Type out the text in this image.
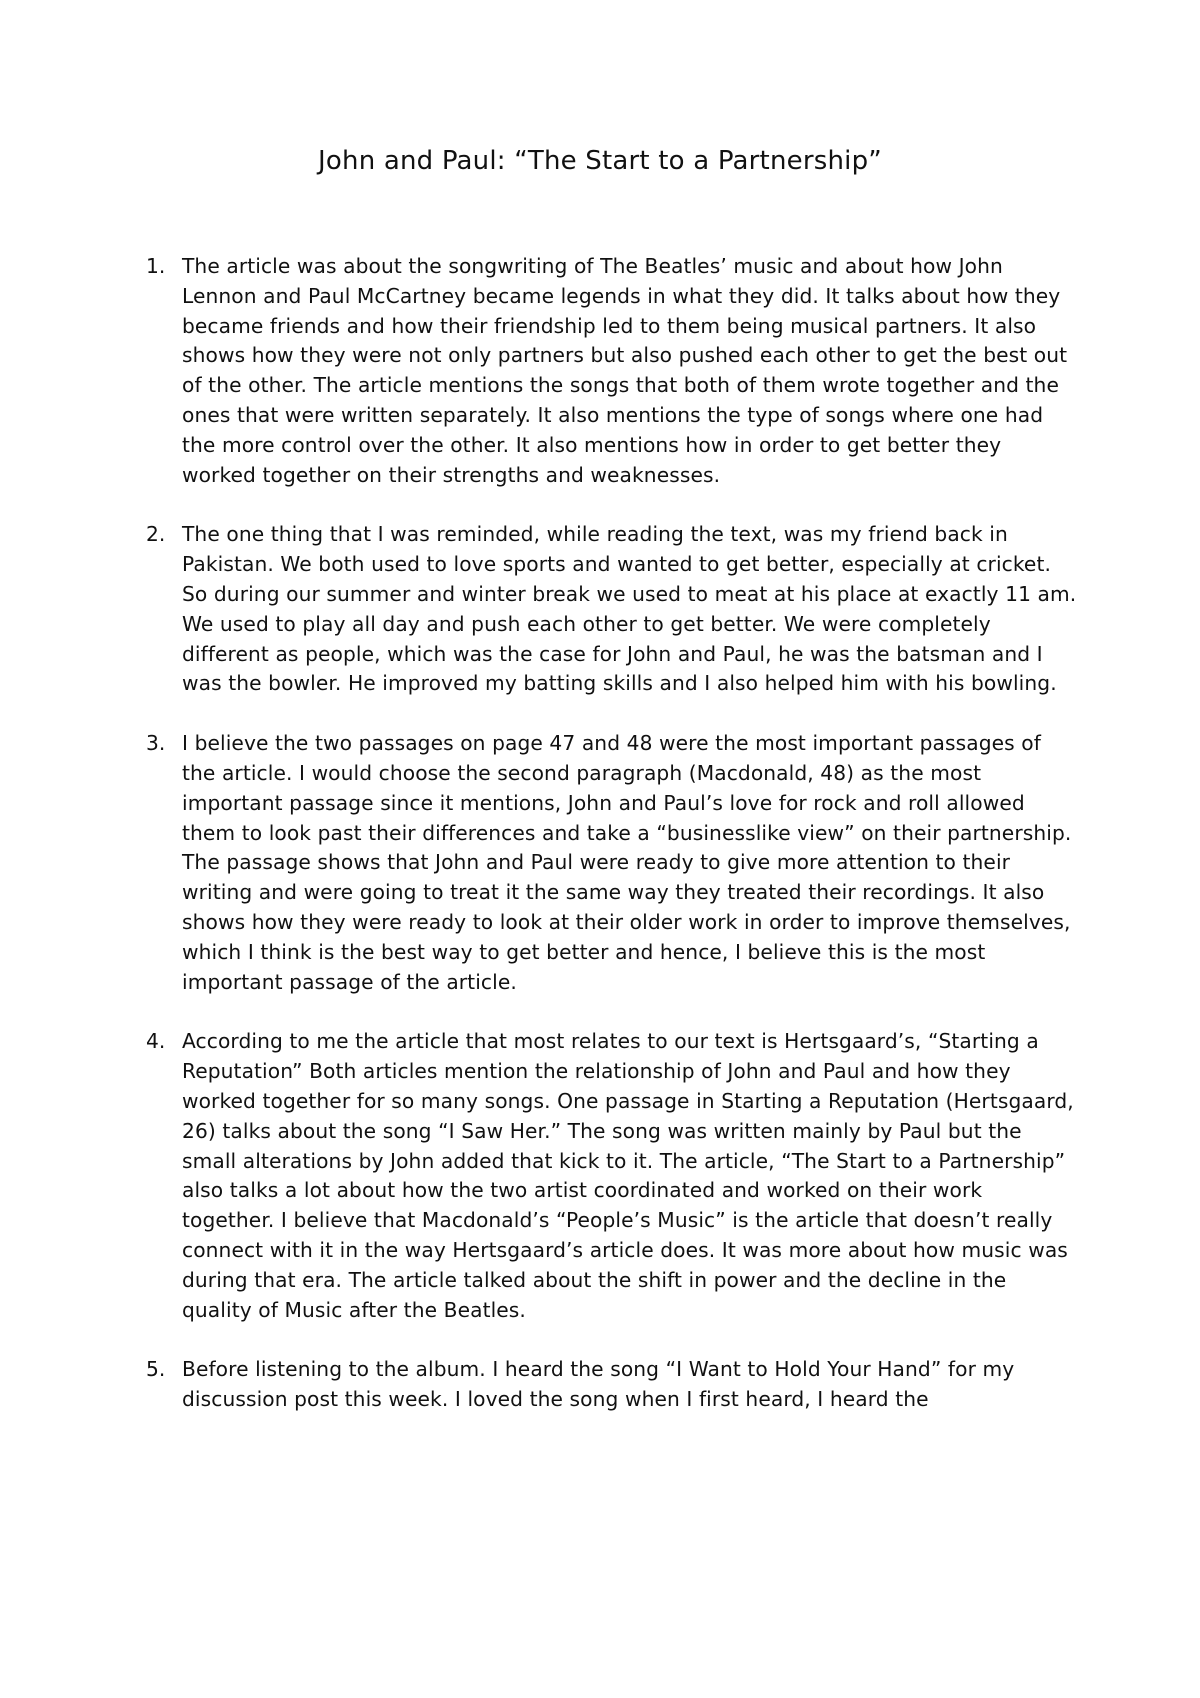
John and Paul: “The Start to a Partnership”
1. The article was about the songwriting of The Beatles’ music and about how John Lennon and Paul McCartney became legends in what they did. It talks about how they became friends and how their friendship led to them being musical partners. It also shows how they were not only partners but also pushed each other to get the best out of the other. The article mentions the songs that both of them wrote together and the ones that were written separately. It also mentions the type of songs where one had the more control over the other. It also mentions how in order to get better they worked together on their strengths and weaknesses.

2. The one thing that I was reminded, while reading the text, was my friend back in Pakistan. We both used to love sports and wanted to get better, especially at cricket. So during our summer and winter break we used to meat at his place at exactly 11 am. We used to play all day and push each other to get better. We were completely different as people, which was the case for John and Paul, he was the batsman and I was the bowler. He improved my batting skills and I also helped him with his bowling.

3. I believe the two passages on page 47 and 48 were the most important passages of the article. I would choose the second paragraph (Macdonald, 48) as the most important passage since it mentions, John and Paul’s love for rock and roll allowed them to look past their differences and take a “businesslike view” on their partnership. The passage shows that John and Paul were ready to give more attention to their writing and were going to treat it the same way they treated their recordings. It also shows how they were ready to look at their older work in order to improve themselves, which I think is the best way to get better and hence, I believe this is the most important passage of the article.

4. According to me the article that most relates to our text is Hertsgaard’s, “Starting a Reputation” Both articles mention the relationship of John and Paul and how they worked together for so many songs. One passage in Starting a Reputation (Hertsgaard, 26) talks about the song “I Saw Her.” The song was written mainly by Paul but the small alterations by John added that kick to it. The article, “The Start to a Partnership” also talks a lot about how the two artist coordinated and worked on their work together. I believe that Macdonald’s “People’s Music” is the article that doesn’t really connect with it in the way Hertsgaard’s article does. It was more about how music was during that era. The article talked about the shift in power and the decline in the quality of Music after the Beatles.

5. Before listening to the album. I heard the song “I Want to Hold Your Hand” for my discussion post this week. I loved the song when I first heard, I heard the
